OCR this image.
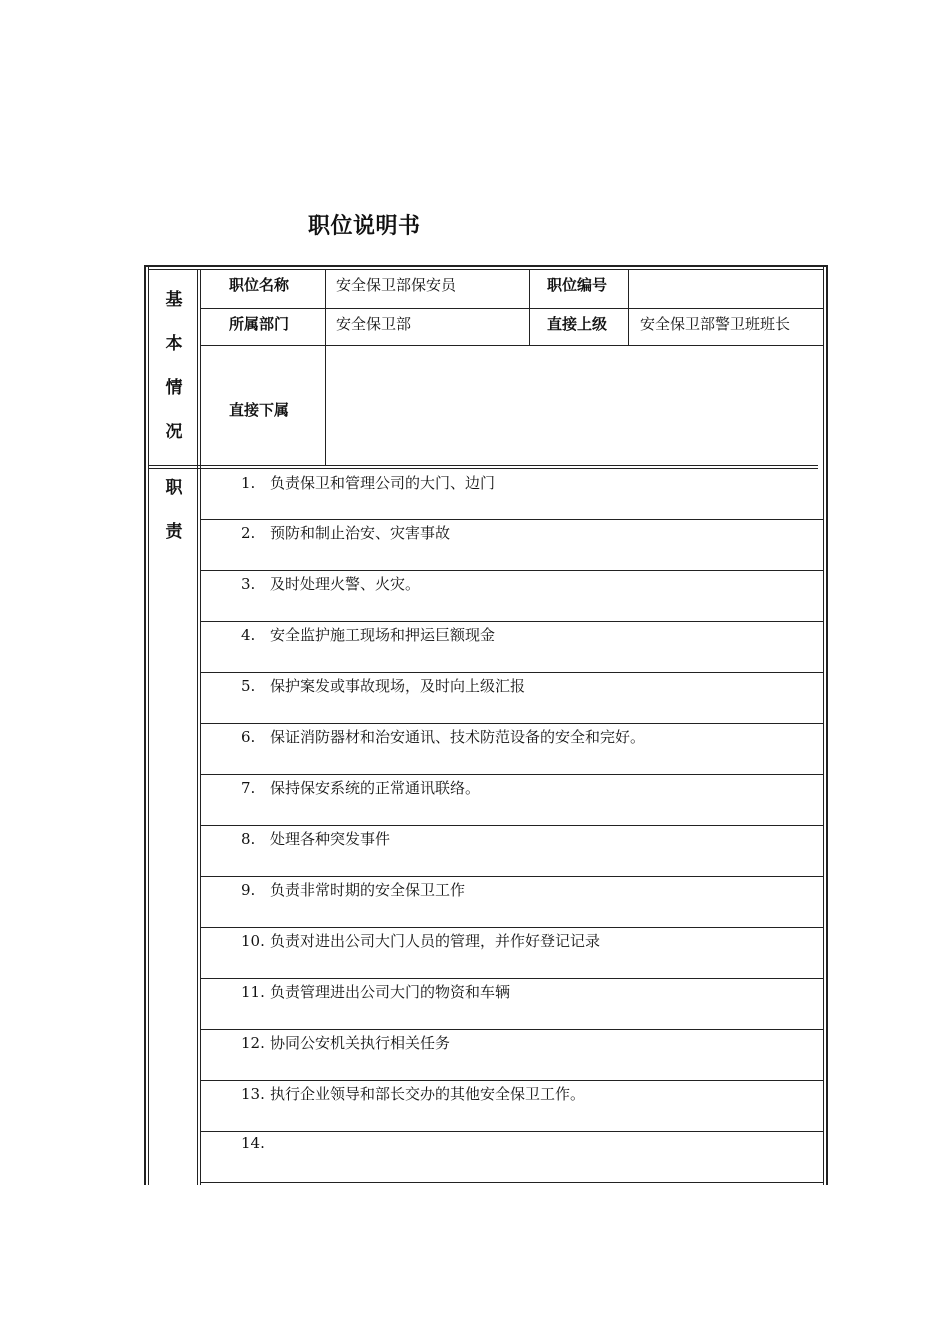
职位说明书
基
本
情
况
职位名称	安全保卫部保安员	职位编号
所属部门	安全保卫部	直接上级 安全保卫部警卫班班长
直接下属
职
责
1. 负责保卫和管理公司的大门、边门
2. 预防和制止治安、灾害事故
3. 及时处理火警、火灾。
4. 安全监护施工现场和押运巨额现金
5. 保护案发或事故现场，及时向上级汇报
6. 保证消防器材和治安通讯、技术防范设备的安全和完好。
7. 保持保安系统的正常通讯联络。
8. 处理各种突发事件
9. 负责非常时期的安全保卫工作
10. 负责对进出公司大门人员的管理，并作好登记记录
11. 负责管理进出公司大门的物资和车辆
12. 协同公安机关执行相关任务
13. 执行企业领导和部长交办的其他安全保卫工作。
14.
